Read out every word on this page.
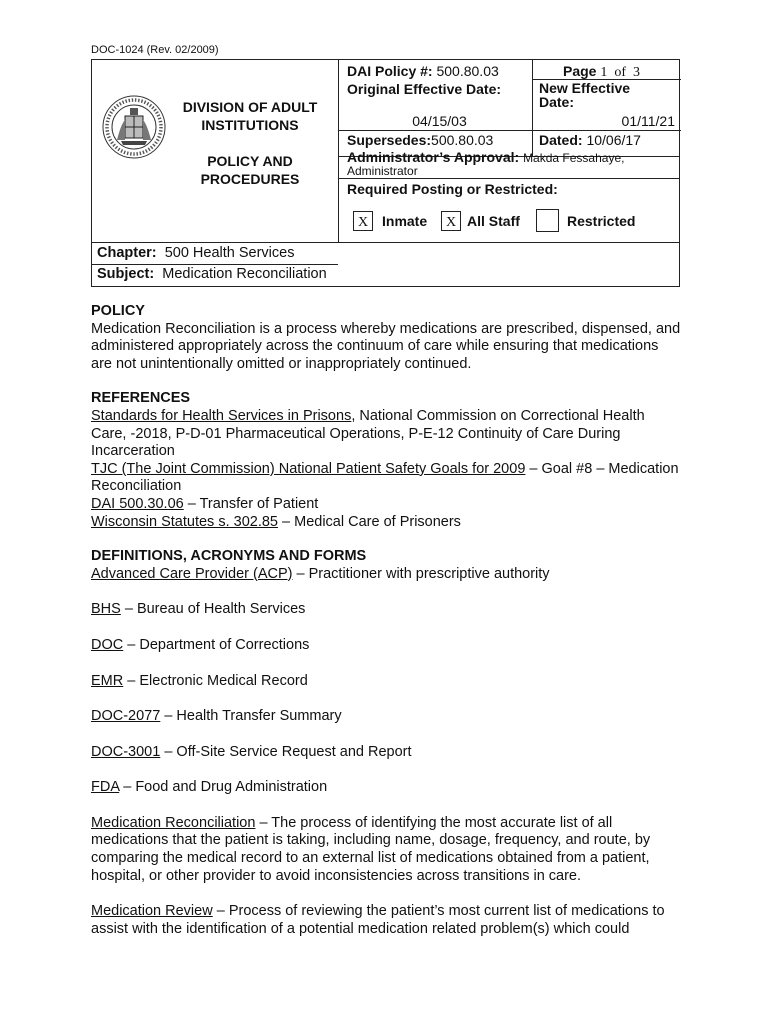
DOC-1024 (Rev. 02/2009)
DIVISION OF ADULT
INSTITUTIONS
POLICY AND
PROCEDURES
DAI Policy #: 500.80.03	Page 1 of 3
Original Effective Date:
04/15/03
New Effective
Date:
01/11/21
Supersedes:500.80.03	Dated: 10/06/17
Administrator’s Approval: Makda Fessahaye,
Administrator
Required Posting or Restricted:
X Inmate	X All Staff	Restricted
Chapter: 500 Health Services
Subject: Medication Reconciliation

POLICY

Medication Reconciliation is a process whereby medications are prescribed, dispensed, and administered appropriately across the continuum of care while ensuring that medications are not unintentionally omitted or inappropriately continued.

REFERENCES

Standards for Health Services in Prisons, National Commission on Correctional Health Care, -2018, P-D-01 Pharmaceutical Operations, P-E-12 Continuity of Care During Incarceration

TJC (The Joint Commission) National Patient Safety Goals for 2009 – Goal #8 – Medication Reconciliation

DAI 500.30.06 – Transfer of Patient

Wisconsin Statutes s. 302.85 – Medical Care of Prisoners

DEFINITIONS, ACRONYMS AND FORMS

Advanced Care Provider (ACP) – Practitioner with prescriptive authority

BHS – Bureau of Health Services

DOC – Department of Corrections

EMR – Electronic Medical Record

DOC-2077 – Health Transfer Summary

DOC-3001 – Off-Site Service Request and Report

FDA – Food and Drug Administration

Medication Reconciliation – The process of identifying the most accurate list of all medications that the patient is taking, including name, dosage, frequency, and route, by comparing the medical record to an external list of medications obtained from a patient, hospital, or other provider to avoid inconsistencies across transitions in care.

Medication Review – Process of reviewing the patient’s most current list of medications to assist with the identification of a potential medication related problem(s) which could
